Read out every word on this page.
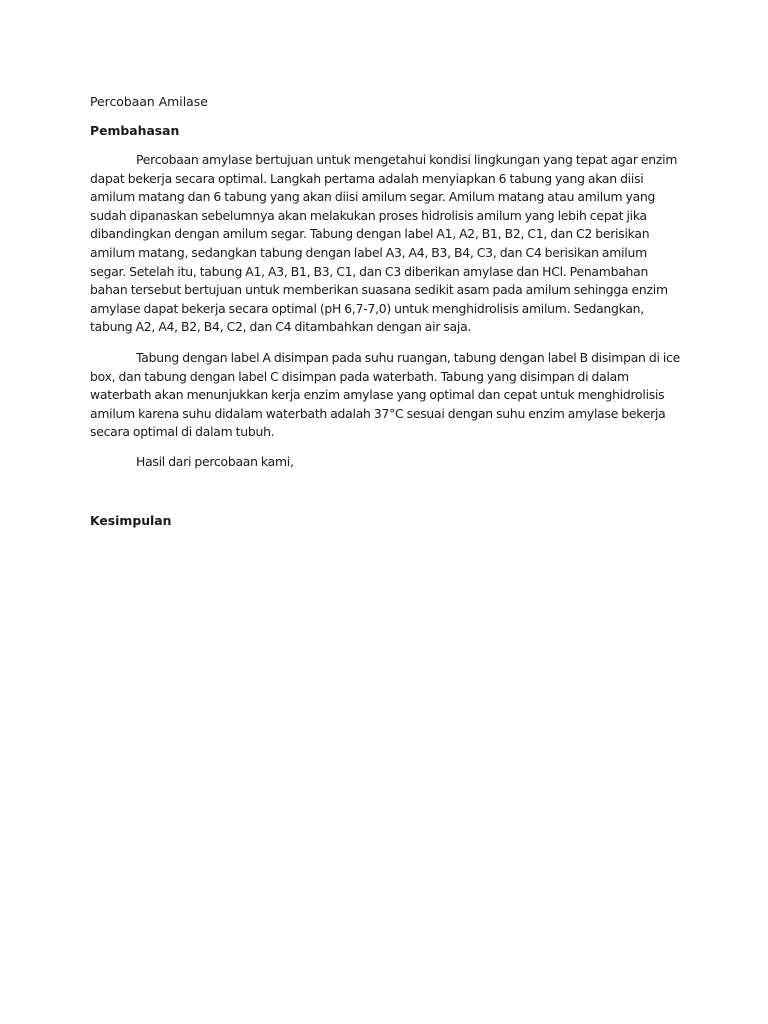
Percobaan Amilase
Pembahasan

Percobaan amylase bertujuan untuk mengetahui kondisi lingkungan yang tepat agar enzim dapat bekerja secara optimal. Langkah pertama adalah menyiapkan 6 tabung yang akan diisi amilum matang dan 6 tabung yang akan diisi amilum segar. Amilum matang atau amilum yang sudah dipanaskan sebelumnya akan melakukan proses hidrolisis amilum yang lebih cepat jika dibandingkan dengan amilum segar. Tabung dengan label A1, A2, B1, B2, C1, dan C2 berisikan amilum matang, sedangkan tabung dengan label A3, A4, B3, B4, C3, dan C4 berisikan amilum segar. Setelah itu, tabung A1, A3, B1, B3, C1, dan C3 diberikan amylase dan HCl. Penambahan bahan tersebut bertujuan untuk memberikan suasana sedikit asam pada amilum sehingga enzim amylase dapat bekerja secara optimal (pH 6,7-7,0) untuk menghidrolisis amilum. Sedangkan, tabung A2, A4, B2, B4, C2, dan C4 ditambahkan dengan air saja.

Tabung dengan label A disimpan pada suhu ruangan, tabung dengan label B disimpan di ice box, dan tabung dengan label C disimpan pada waterbath. Tabung yang disimpan di dalam waterbath akan menunjukkan kerja enzim amylase yang optimal dan cepat untuk menghidrolisis amilum karena suhu didalam waterbath adalah 37°C sesuai dengan suhu enzim amylase bekerja secara optimal di dalam tubuh.

Hasil dari percobaan kami,

Kesimpulan
